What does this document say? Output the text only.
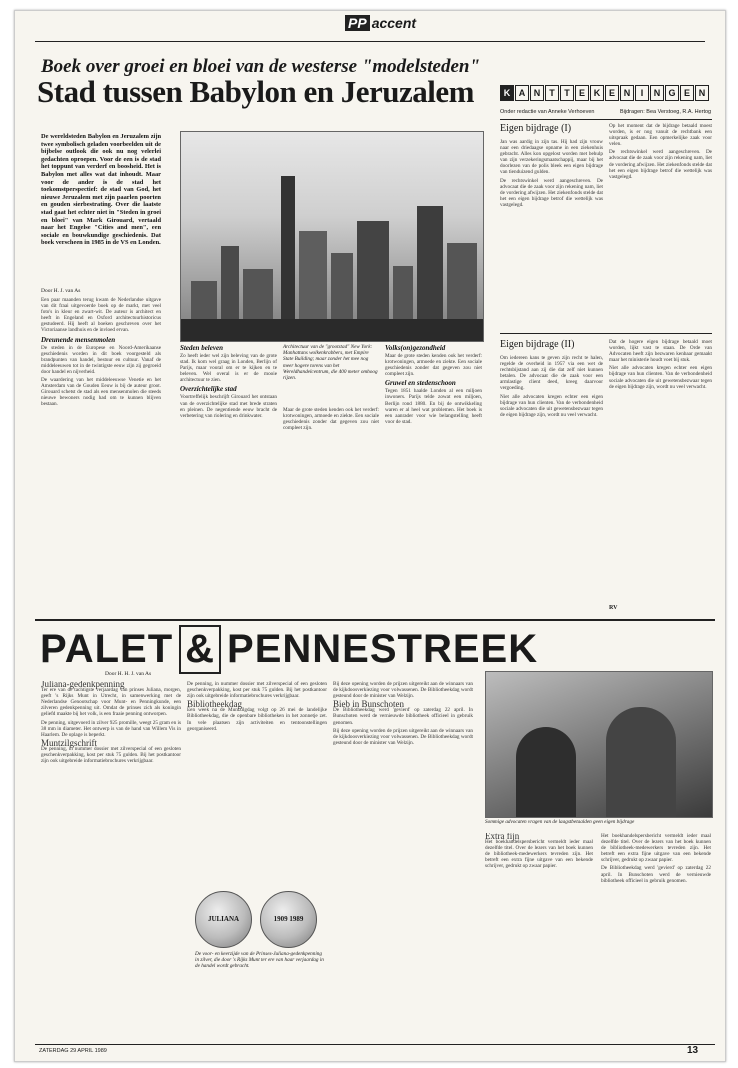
PP accent
Boek over groei en bloei van de westerse "modelsteden"
Stad tussen Babylon en Jeruzalem
De wereldsteden Babylon en Jeruzalem zijn twee symbolisch geladen voorbeelden uit de bijbelse outlook die ook nu nog velerlei gedachten oproepen. Voor de een is de stad het toppunt van verderf en boosheid. Het is Babylon met alles wat dat inhoudt. Maar voor de ander is de stad het toekomstperspectief: de stad van God, het nieuwe Jeruzalem met zijn paarlen poorten en gouden sierbestrating. Over die laatste stad gaat het echter niet in "Steden in groei en bloei" van Mark Girouard, vertaald naar het Engelse "Cities and men", een sociale en bouwkundige geschiedenis. Dat boek verscheen in 1985 in de VS en Londen.
Door H. J. van As

Een paar maanden terug kwam de Nederlandse uitgave van dit fraai uitgevoerde boek op de markt, met veel foto's in kleur en zwart-wit. De auteur is architect en heeft in Engeland en Oxford architectuurhistoricus gestudeerd. Hij heeft al boeken geschreven over het Victoriaanse landhuis en de invloed ervan.

Dreunende mensenmolen

De steden in de Europese en Noord-Amerikaanse geschiedenis worden in dit boek voorgesteld als brandpunten van handel, bestuur en cultuur. Vanaf de middeleeuwen tot in de twintigste eeuw zijn zij gegroeid door handel en nijverheid.

De waardering van het middeleeuwse Venetie en het Amsterdam van de Gouden Eeuw is bij de auteur groot. Girouard schetst de stad als een mensenmolen die steeds nieuwe bewoners nodig had om te kunnen blijven bestaan.

Steden beleven

Zo heeft ieder wel zijn beleving van de grote stad. Ik kom wel graag in Londen, Berlijn of Parijs, maar vooral om er te kijken en te beleven. Wel overal is er de mooie architectuur te zien.

Overzichtelijke stad

Voortreffelijk beschrijft Girouard het ontstaan van de overzichtelijke stad met brede straten en pleinen. De negentiende eeuw bracht de verbetering van riolering en drinkwater.

Architectuur van de "grootstad" New York: Manhattans wolkenkrabbers, met Empire State Building; maar zonder het mee nog meer hogere torens van het Wereldhandelcentrum, die 400 meter omhoog rijzen.

Maar de grote steden kenden ook het verderf: krotwoningen, armoede en ziekte. Een sociale geschiedenis zonder dat gegeven zou niet compleet zijn.

Volks(on)gezondheid

Maar de grote steden kenden ook het verderf: krotwoningen, armoede en ziekte. Een sociale geschiedenis zonder dat gegeven zou niet compleet zijn.

Gruwel en stedenschoon

Tegen 1851 haalde Londen al een miljoen inwoners. Parijs telde zowat een miljoen, Berlijn rond 1880. En bij de ontwikkeling waren er al heel wat problemen. Het boek is een aanrader voor wie belangstelling heeft voor de stad.

K A N T T E K E N I N G E N
Onder redactie van Anneke Verhoeven	Bijdragen: Bea Verstoeg, R.A. Hertog
Eigen bijdrage (I)

Jan was aardig in zijn tas. Hij had zijn vrouw naar een driedaagse opname in een ziekenhuis gebracht. Alles kon opgelost worden met behulp van zijn verzekeringsmaatschappij, maar bij het doorlezen van de polis bleek een eigen bijdrage van tienduizend gulden.

De rechtswinkel werd aangeschreven. De advocaat die de zaak voor zijn rekening nam, liet de vordering afwijzen. Het ziekenfonds stelde dat het een eigen bijdrage betrof die wettelijk was vastgelegd.

Op het moment dat de bijdrage betaald moest worden, is er nog vanuit de rechtbank een uitspraak gedaan. Een opmerkelijke zaak voor velen.

De rechtswinkel werd aangeschreven. De advocaat die de zaak voor zijn rekening nam, liet de vordering afwijzen. Het ziekenfonds stelde dat het een eigen bijdrage betrof die wettelijk was vastgelegd.

Eigen bijdrage (II)

Om iedereen kans te geven zijn recht te halen, regelde de overheid in 1957 via een wet de rechtsbijstand aan zij die dat zelf niet kunnen betalen. De advocaat die de zaak voor een armlastige client deed, kreeg daarvoor vergoeding.

Niet alle advocaten kregen echter een eigen bijdrage van hun clienten. Van de verbondenheid sociale advocaten die uit gewetensbezwaar tegen de eigen bijdrage zijn, wordt nu veel verwacht.

Dat de hogere eigen bijdrage betaald moet worden, lijkt vast te staan. De Orde van Advocaten heeft zijn bezwaren kenbaar gemaakt maar het ministerie houdt voet bij stuk.

Niet alle advocaten kregen echter een eigen bijdrage van hun clienten. Van de verbondenheid sociale advocaten die uit gewetensbezwaar tegen de eigen bijdrage zijn, wordt nu veel verwacht.

RV
PALET & PENNESTREEK
Door H. H. J. van As
Juliana-gedenkpenning

Ter ere van de tachtigste verjaardag van prinses Juliana, morgen, geeft 's Rijks Munt in Utrecht, in samenwerking met de Nederlandse Genootschap voor Munt- en Penningkunde, een zilveren gedenkpenning uit. Omdat de prinses zich als koningin geliefd maakte bij het volk, is een fraaie penning ontworpen.

De penning, uitgevoerd in zilver 925 promille, weegt 25 gram en is 38 mm in diameter. Het ontwerp is van de hand van Willem Vis in Haarlem. De oplage is beperkt.

Muntzilgschrift

De penning, in nummer dossier met zilverspecial of een gesloten geschenkverpakking, kost per stuk 75 gulden. Bij het postkantoor zijn ook uitgebreide informatiebrochures verkrijgbaar.

De penning, in nummer dossier met zilverspecial of een gesloten geschenkverpakking, kost per stuk 75 gulden. Bij het postkantoor zijn ook uitgebreide informatiebrochures verkrijgbaar.

Bibliotheekdag

Een week na de Muntzilgdag volgt op 26 mei de landelijke Bibliotheekdag, die de openbare bibliotheken in het zonnetje zet. In vele plaatsen zijn activiteiten en tentoonstellingen georganiseerd.

JULIANA	1909 1989
De voor- en keerzijde van de Prinses-Juliana-gedenkpenning in zilver, die door 's Rijks Munt ter ere van haar verjaardag in de handel wordt gebracht.

Bij deze opening worden de prijzen uitgereikt aan de winnaars van de kijkdoosverkiezing voor volwassenen. De Bibliotheekdag wordt gesteund door de minister van Welzijn.

Bieb in Bunschoten

De Bibliotheekdag werd 'gevierd' op zaterdag 22 april. In Bunschoten werd de vernieuwde bibliotheek officieel in gebruik genomen.

Bij deze opening worden de prijzen uitgereikt aan de winnaars van de kijkdoosverkiezing voor volwassenen. De Bibliotheekdag wordt gesteund door de minister van Welzijn.

Sommige advocaten vragen van de laagstbetaalden geen eigen bijdrage
Extra fijn

Het boekhandelspersbericht vermeldt ieder maal dezelfde titel. Over de lezers van het boek kunnen de bibliotheek-medewerkers tevreden zijn. Het betreft een extra fijne uitgave van een bekende schrijver, gedrukt op zwaar papier.

Het boekhandelspersbericht vermeldt ieder maal dezelfde titel. Over de lezers van het boek kunnen de bibliotheek-medewerkers tevreden zijn. Het betreft een extra fijne uitgave van een bekende schrijver, gedrukt op zwaar papier.

De Bibliotheekdag werd 'gevierd' op zaterdag 22 april. In Bunschoten werd de vernieuwde bibliotheek officieel in gebruik genomen.

ZATERDAG 29 APRIL 1989	13
